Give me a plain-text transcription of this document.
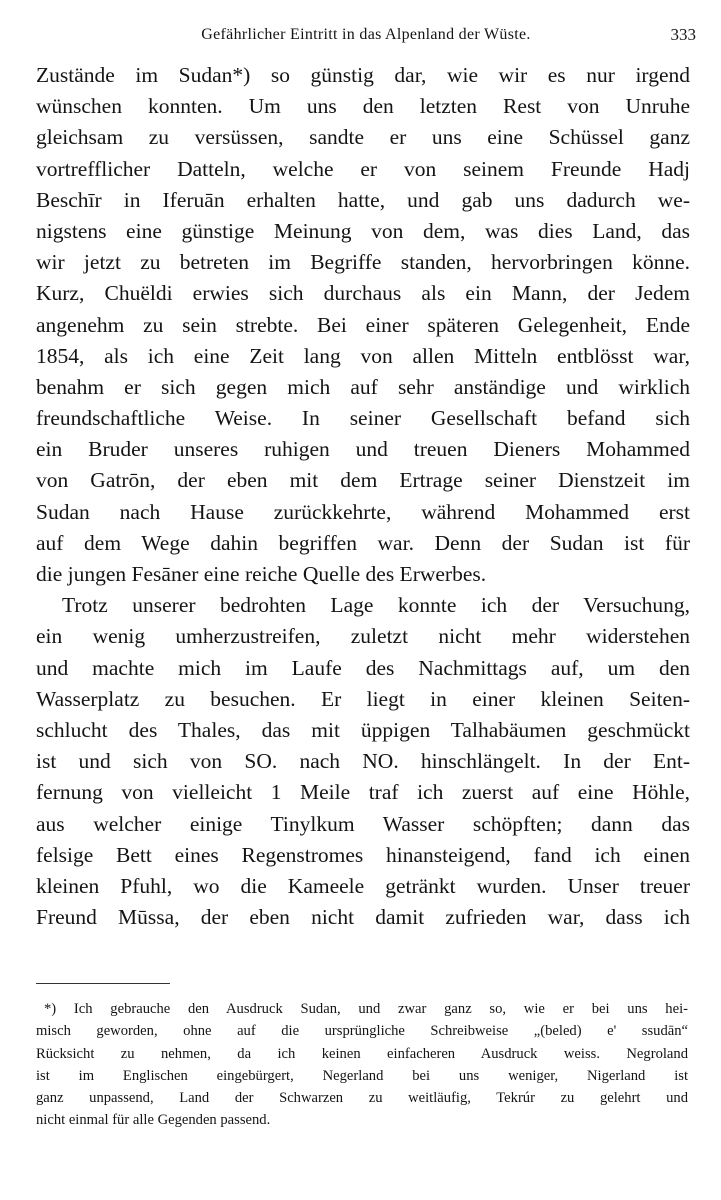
Gefährlicher Eintritt in das Alpenland der Wüste.	333
Zustände im Sudan*) so günstig dar, wie wir es nur irgend
wünschen konnten. Um uns den letzten Rest von Unruhe
gleichsam zu versüssen, sandte er uns eine Schüssel ganz
vortrefflicher Datteln, welche er von seinem Freunde Hadj
Beschīr in Iferuān erhalten hatte, und gab uns dadurch we-
nigstens eine günstige Meinung von dem, was dies Land, das
wir jetzt zu betreten im Begriffe standen, hervorbringen könne.
Kurz, Chuëldi erwies sich durchaus als ein Mann, der Jedem
angenehm zu sein strebte. Bei einer späteren Gelegenheit, Ende
1854, als ich eine Zeit lang von allen Mitteln entblösst war,
benahm er sich gegen mich auf sehr anständige und wirklich
freundschaftliche Weise. In seiner Gesellschaft befand sich
ein Bruder unseres ruhigen und treuen Dieners Mohammed
von Gatrōn, der eben mit dem Ertrage seiner Dienstzeit im
Sudan nach Hause zurückkehrte, während Mohammed erst
auf dem Wege dahin begriffen war. Denn der Sudan ist für
die jungen Fesāner eine reiche Quelle des Erwerbes.
Trotz unserer bedrohten Lage konnte ich der Versuchung,
ein wenig umherzustreifen, zuletzt nicht mehr widerstehen
und machte mich im Laufe des Nachmittags auf, um den
Wasserplatz zu besuchen. Er liegt in einer kleinen Seiten-
schlucht des Thales, das mit üppigen Talhabäumen geschmückt
ist und sich von SO. nach NO. hinschlängelt. In der Ent-
fernung von vielleicht 1 Meile traf ich zuerst auf eine Höhle,
aus welcher einige Tinylkum Wasser schöpften; dann das
felsige Bett eines Regenstromes hinansteigend, fand ich einen
kleinen Pfuhl, wo die Kameele getränkt wurden. Unser treuer
Freund Mūssa, der eben nicht damit zufrieden war, dass ich
*) Ich gebrauche den Ausdruck Sudan, und zwar ganz so, wie er bei uns hei-
misch geworden, ohne auf die ursprüngliche Schreibweise „(beled) e' ssudān“
Rücksicht zu nehmen, da ich keinen einfacheren Ausdruck weiss. Negroland
ist im Englischen eingebürgert, Negerland bei uns weniger, Nigerland ist
ganz unpassend, Land der Schwarzen zu weitläufig, Tekrúr zu gelehrt und
nicht einmal für alle Gegenden passend.
